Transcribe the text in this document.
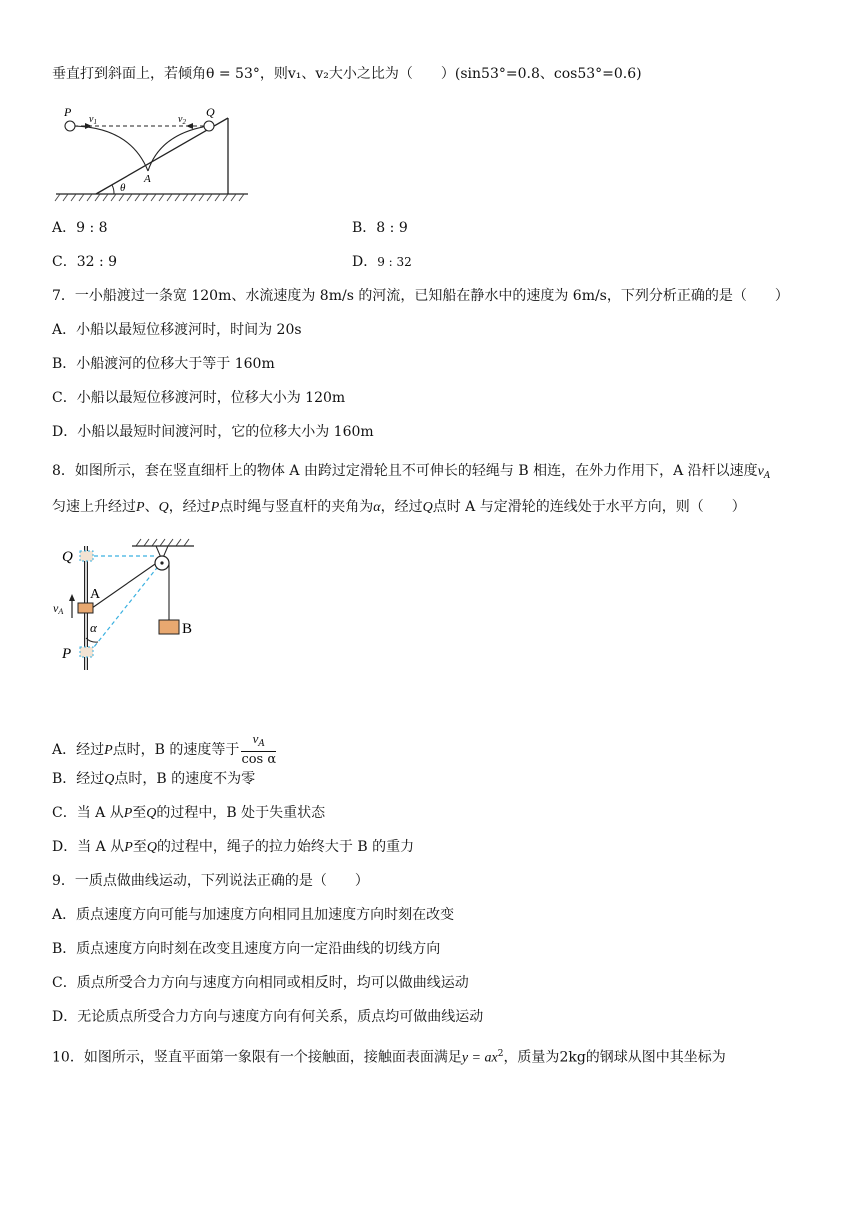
垂直打到斜面上，若倾角θ = 53°，则v₁、v₂大小之比为（　　）(sin53°=0.8、cos53°=0.6)
P	Q
$v_1$	$v_2$
A
θ
A．9 : 8	B．8 : 9
C．32 : 9	D．9 : 32
7．一小船渡过一条宽 120m、水流速度为 8m/s 的河流，已知船在静水中的速度为 6m/s，下列分析正确的是（　　）
A．小船以最短位移渡河时，时间为 20s
B．小船渡河的位移大于等于 160m
C．小船以最短位移渡河时，位移大小为 120m
D．小船以最短时间渡河时，它的位移大小为 160m
8．如图所示，套在竖直细杆上的物体 A 由跨过定滑轮且不可伸长的轻绳与 B 相连，在外力作用下，A 沿杆以速度$v_A$
匀速上升经过P、Q，经过P点时绳与竖直杆的夹角为α，经过Q点时 A 与定滑轮的连线处于水平方向，则（　　）
Q
A
vA
α
P
B
A．经过P点时，B 的速度等于 $\frac{v_A}{\text{cos α}}$
B．经过Q点时，B 的速度不为零
C．当 A 从P至Q的过程中，B 处于失重状态
D．当 A 从P至Q的过程中，绳子的拉力始终大于 B 的重力
9．一质点做曲线运动，下列说法正确的是（　　）
A．质点速度方向可能与加速度方向相同且加速度方向时刻在改变
B．质点速度方向时刻在改变且速度方向一定沿曲线的切线方向
C．质点所受合力方向与速度方向相同或相反时，均可以做曲线运动
D．无论质点所受合力方向与速度方向有何关系，质点均可做曲线运动
10．如图所示，竖直平面第一象限有一个接触面，接触面表面满足$y = ax^2$，质量为2kg的钢球从图中其坐标为
